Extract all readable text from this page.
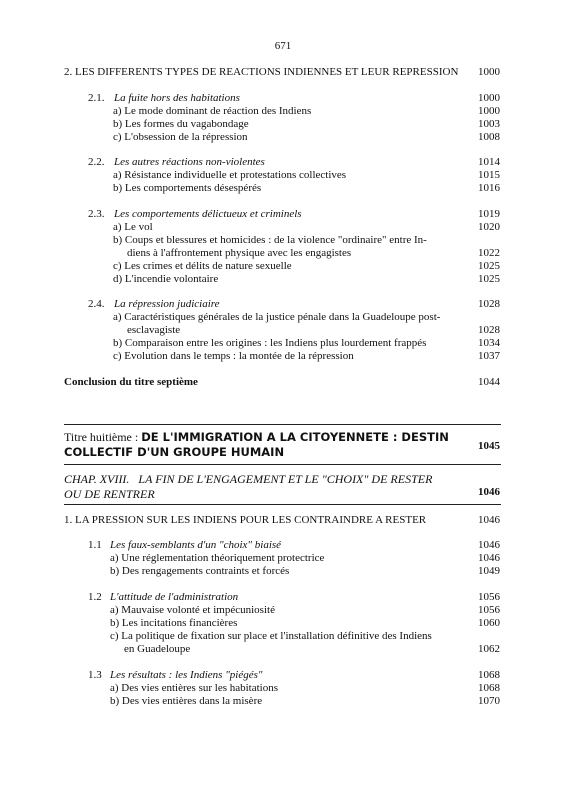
671
2. LES DIFFERENTS TYPES DE REACTIONS INDIENNES ET LEUR REPRESSION 1000
2.1. La fuite hors des habitations	1000
a) Le mode dominant de réaction des Indiens	1000
b) Les formes du vagabondage	1003
c) L'obsession de la répression	1008
2.2. Les autres réactions non-violentes	1014
a) Résistance individuelle et protestations collectives	1015
b) Les comportements désespérés	1016
2.3. Les comportements délictueux et criminels	1019
a) Le vol	1020
b) Coups et blessures et homicides : de la violence "ordinaire" entre In-
diens à l'affrontement physique avec les engagistes	1022
c) Les crimes et délits de nature sexuelle	1025
d) L'incendie volontaire	1025
2.4. La répression judiciaire	1028
a) Caractéristiques générales de la justice pénale dans la Guadeloupe post-
esclavagiste	1028
b) Comparaison entre les origines : les Indiens plus lourdement frappés	1034
c) Evolution dans le temps : la montée de la répression	1037
Conclusion du titre septième	1044
Titre huitième : DE L'IMMIGRATION A LA CITOYENNETE : DESTIN
COLLECTIF D'UN GROUPE HUMAIN	1045
CHAP. XVIII.   LA FIN DE L'ENGAGEMENT ET LE "CHOIX" DE RESTER
OU DE RENTRER	1046
1. LA PRESSION SUR LES INDIENS POUR LES CONTRAINDRE A RESTER	1046
1.1 Les faux-semblants d'un "choix" biaisé	1046
a) Une réglementation théoriquement protectrice	1046
b) Des rengagements contraints et forcés	1049
1.2 L'attitude de l'administration	1056
a) Mauvaise volonté et impécuniosité	1056
b) Les incitations financières	1060
c) La politique de fixation sur place et l'installation définitive des Indiens
en Guadeloupe	1062
1.3 Les résultats : les Indiens "piégés"	1068
a) Des vies entières sur les habitations	1068
b) Des vies entières dans la misère	1070
